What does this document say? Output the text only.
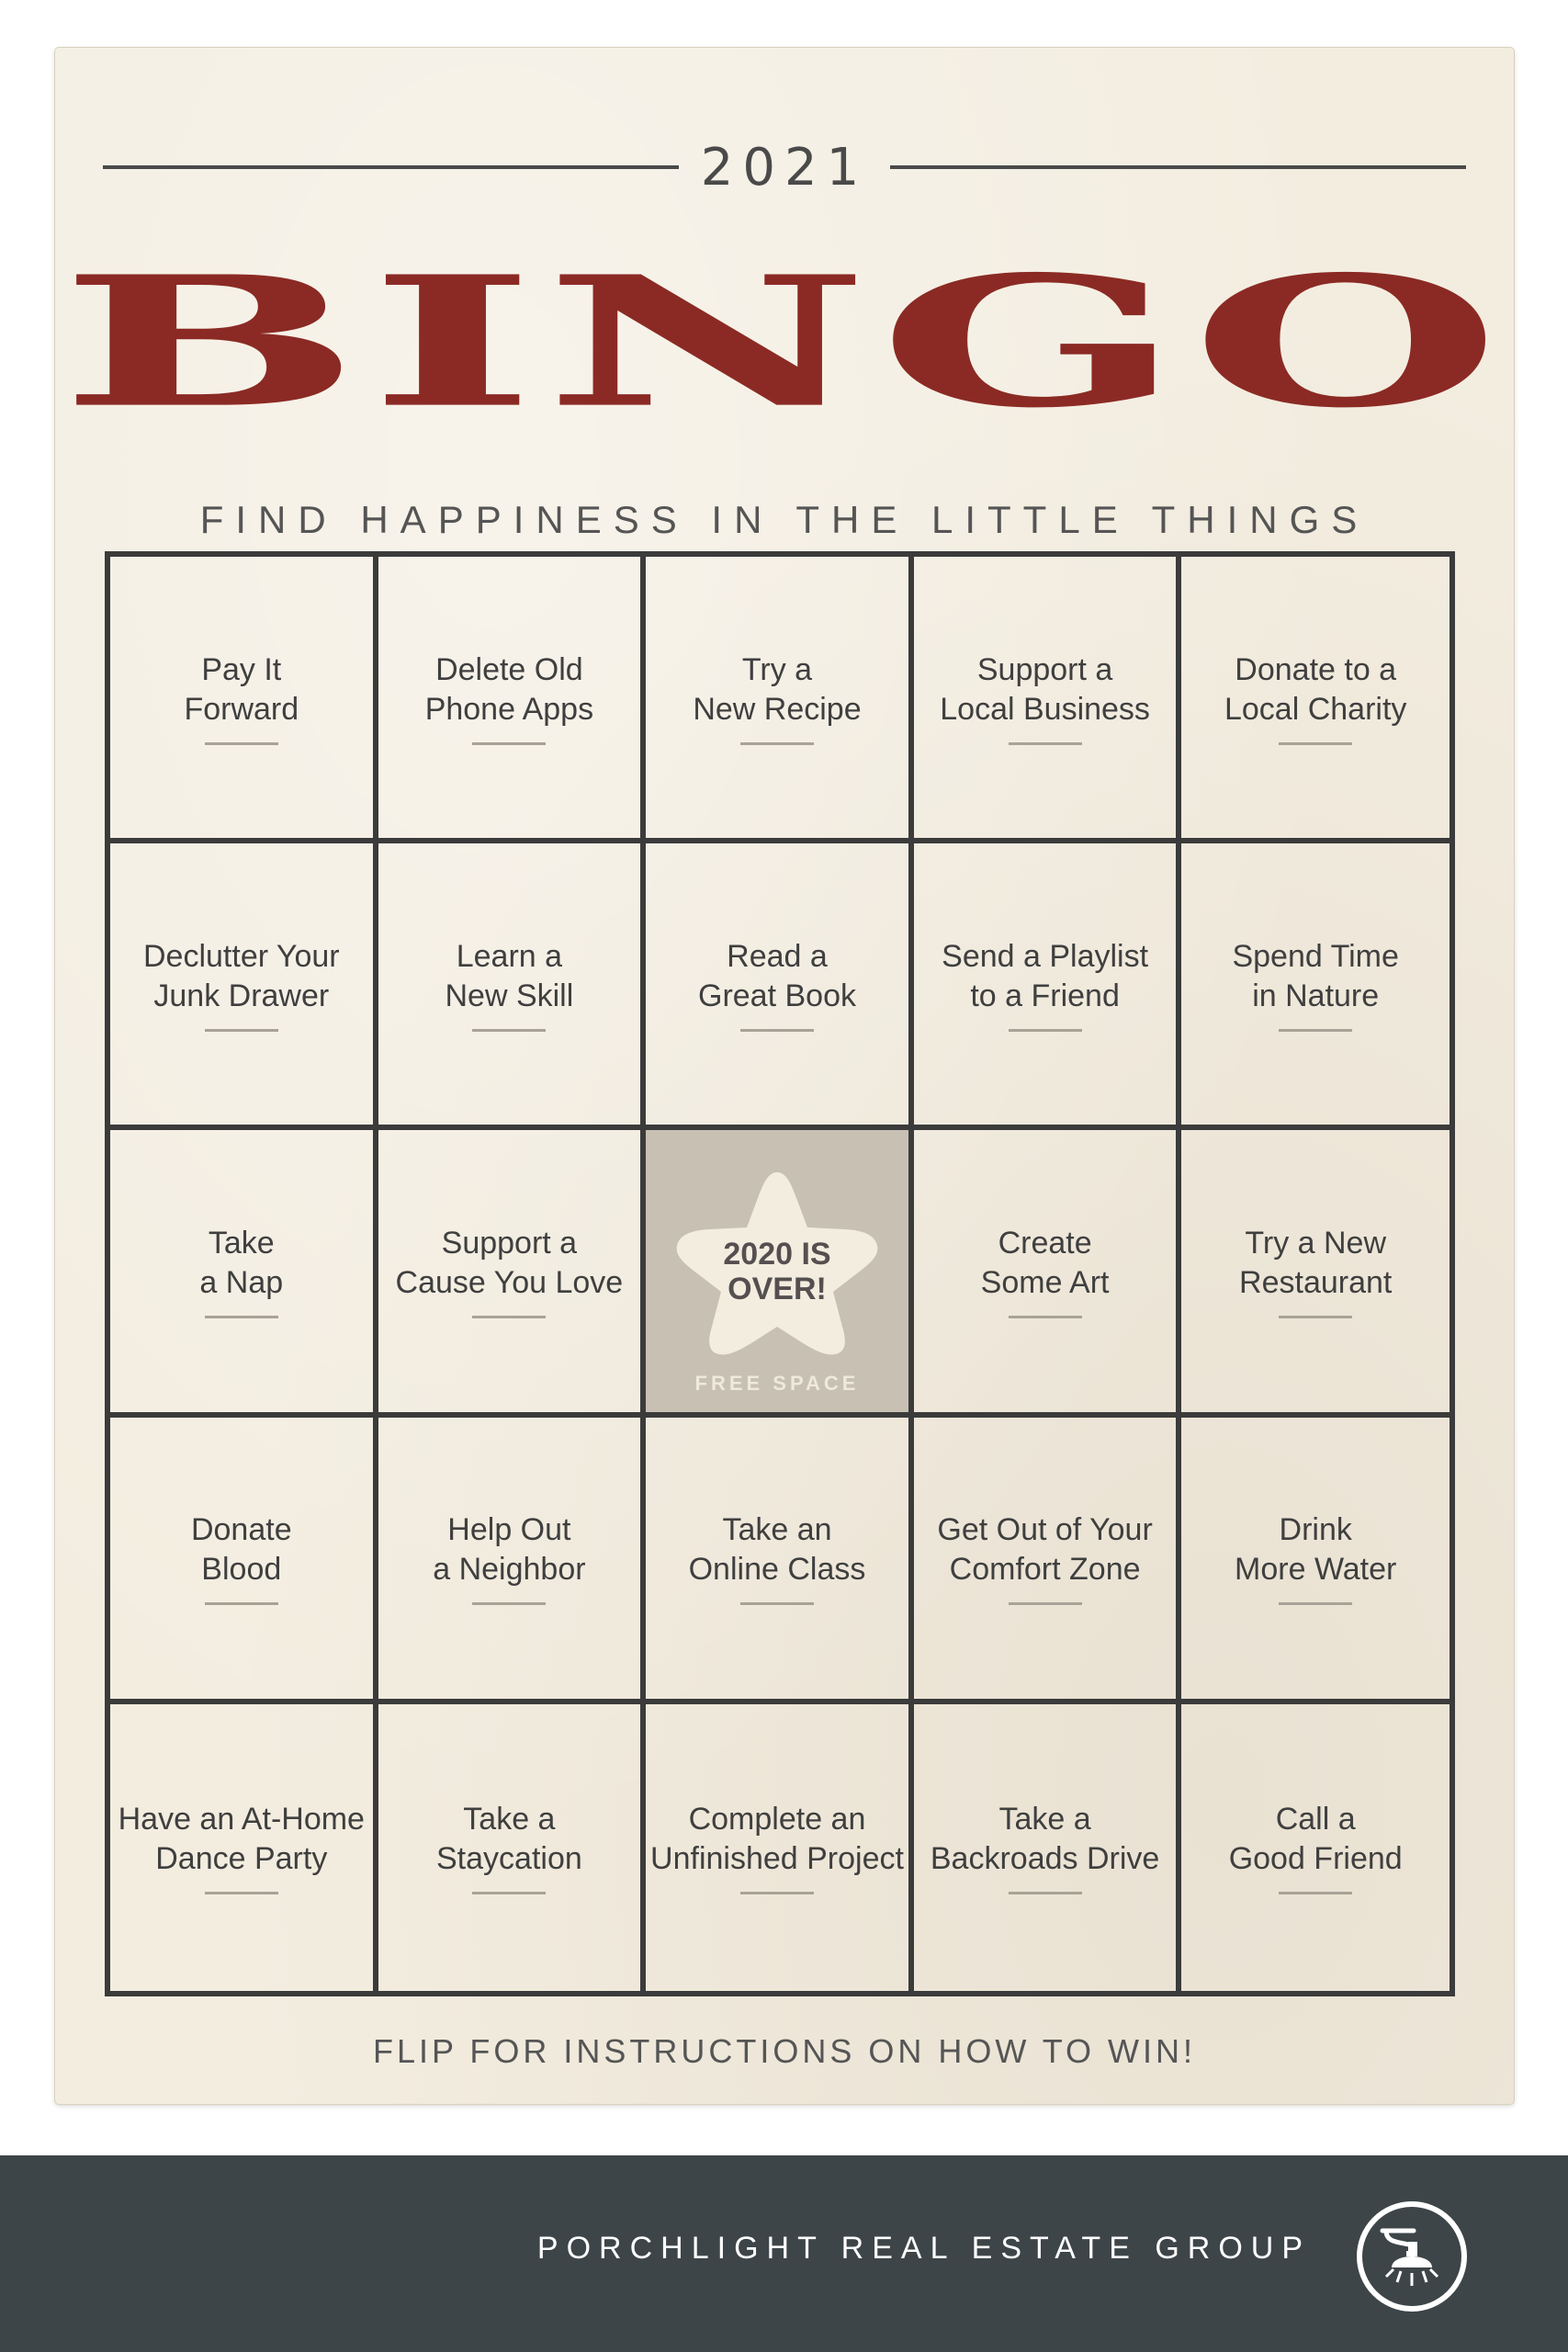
2021
BINGO
FIND HAPPINESS IN THE LITTLE THINGS
Pay It
Forward
Delete Old
Phone Apps
Try a
New Recipe
Support a
Local Business
Donate to a
Local Charity
Declutter Your
Junk Drawer
Learn a
New Skill
Read a
Great Book
Send a Playlist
to a Friend
Spend Time
in Nature
Take
a Nap
Support a
Cause You Love
2020 IS
OVER!
FREE SPACE
Create
Some Art
Try a New
Restaurant
Donate
Blood
Help Out
a Neighbor
Take an
Online Class
Get Out of Your
Comfort Zone
Drink
More Water
Have an At-Home
Dance Party
Take a
Staycation
Complete an
Unfinished Project
Take a
Backroads Drive
Call a
Good Friend
FLIP FOR INSTRUCTIONS ON HOW TO WIN!
PORCHLIGHT REAL ESTATE GROUP
